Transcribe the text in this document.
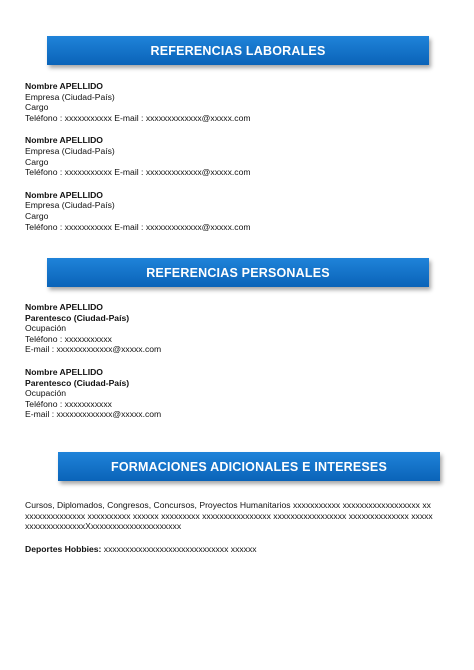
REFERENCIAS LABORALES
Nombre APELLIDO
Empresa (Ciudad-País)
Cargo
Teléfono : xxxxxxxxxxx E-mail : xxxxxxxxxxxxx@xxxxx.com
Nombre APELLIDO
Empresa (Ciudad-País)
Cargo
Teléfono : xxxxxxxxxxx E-mail : xxxxxxxxxxxxx@xxxxx.com
Nombre APELLIDO
Empresa (Ciudad-País)
Cargo
Teléfono : xxxxxxxxxxx E-mail : xxxxxxxxxxxxx@xxxxx.com
REFERENCIAS PERSONALES
Nombre APELLIDO
Parentesco (Ciudad-País)
Ocupación
Teléfono : xxxxxxxxxxx
E-mail : xxxxxxxxxxxxx@xxxxx.com
Nombre APELLIDO
Parentesco (Ciudad-País)
Ocupación
Teléfono : xxxxxxxxxxx
E-mail : xxxxxxxxxxxxx@xxxxx.com
FORMACIONES ADICIONALES E INTERESES

Cursos, Diplomados, Congresos, Concursos, Proyectos Humanitarios xxxxxxxxxxx xxxxxxxxxxxxxxxxxx xxxxxxxxxxxxxxxx xxxxxxxxxx xxxxxx xxxxxxxxx xxxxxxxxxxxxxxxx xxxxxxxxxxxxxxxxx xxxxxxxxxxxxxx xxxxxxxxxxxxxxxxxxxXxxxxxxxxxxxxxxxxxxxxx

Deportes Hobbies: xxxxxxxxxxxxxxxxxxxxxxxxxxxxx xxxxxx
